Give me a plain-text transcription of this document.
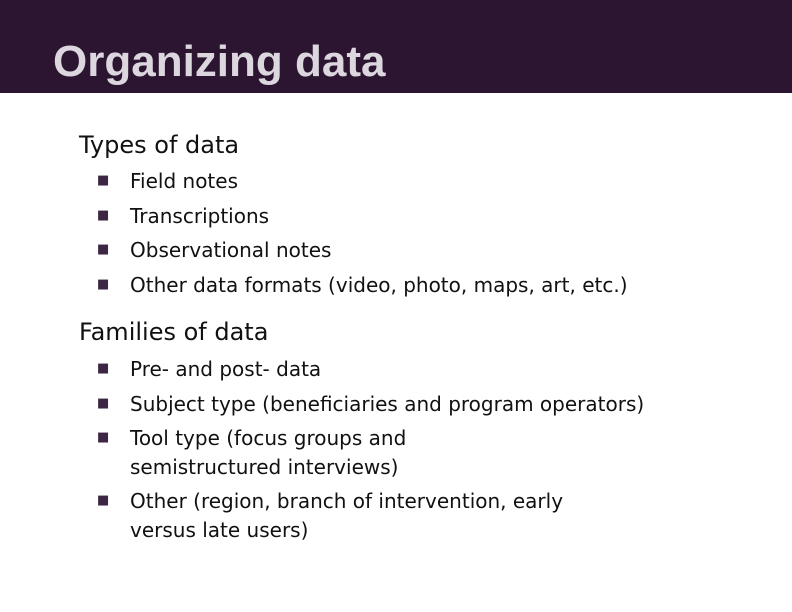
Organizing data
Types of data
■ Field notes
■ Transcriptions
■ Observational notes
■ Other data formats (video, photo, maps, art, etc.)
Families of data
■ Pre- and post- data
■ Subject type (beneficiaries and program operators)
■ Tool type (focus groups and
semistructured interviews)
■ Other (region, branch of intervention, early
versus late users)
